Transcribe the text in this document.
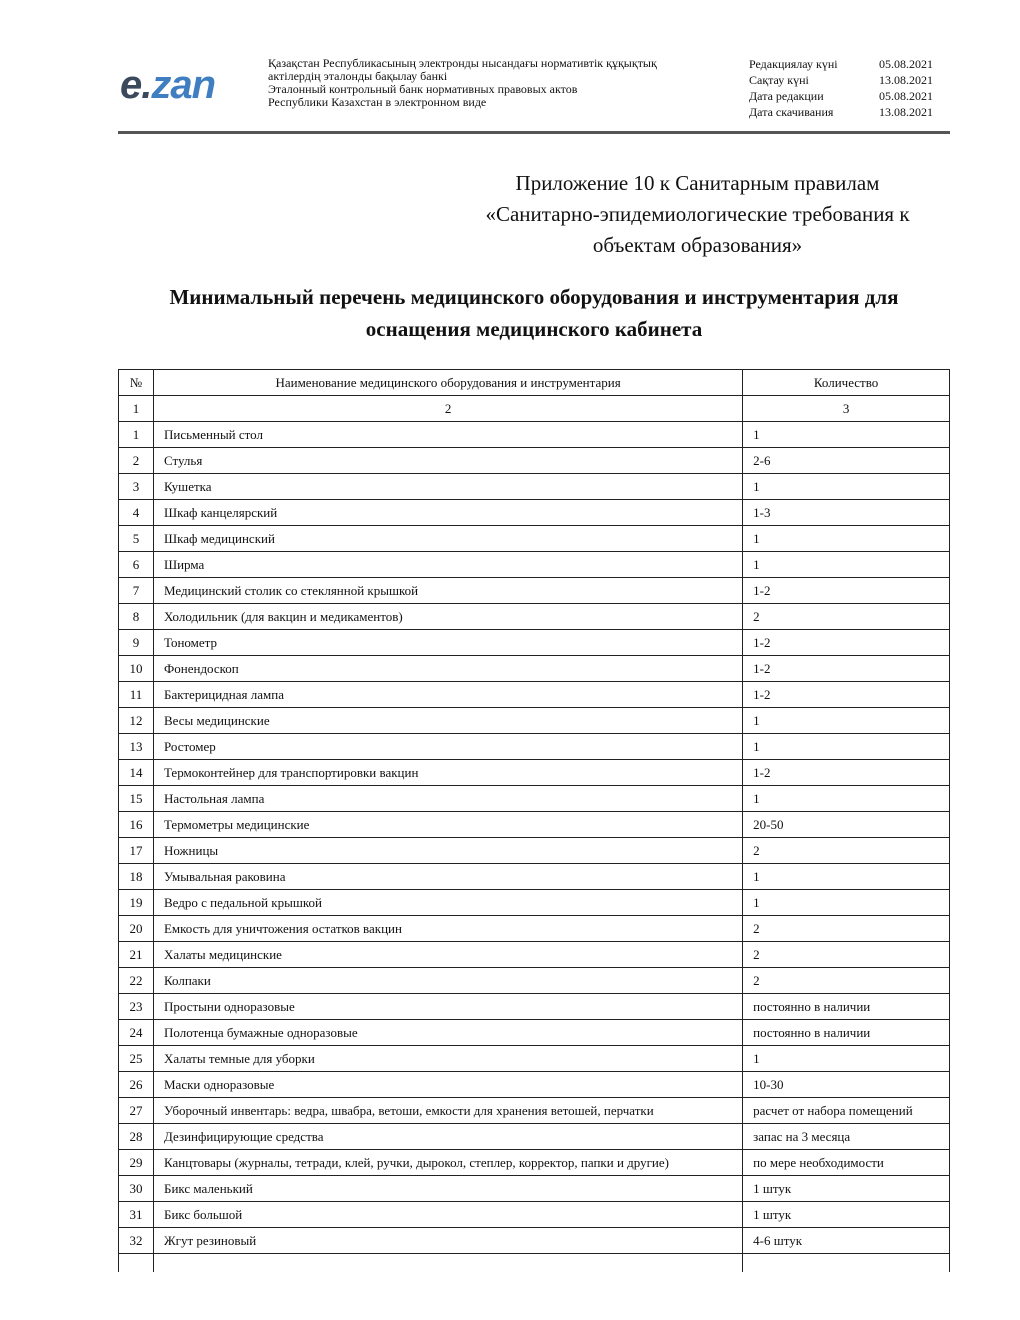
e.zan	Қазақстан Республикасының электронды нысандағы нормативтік құқықтық
актілердің эталонды бақылау банкі
Эталонный контрольный банк нормативных правовых актов
Республики Казахстан в электронном виде
Редакциялау күні	05.08.2021
Сақтау күні	13.08.2021
Дата редакции	05.08.2021
Дата скачивания	13.08.2021
Приложение 10 к Санитарным правилам
«Санитарно-эпидемиологические требования к
объектам образования»
Минимальный перечень медицинского оборудования и инструментария для
оснащения медицинского кабинета
№	Наименование медицинского оборудования и инструментария	Количество
1	2	3
1	Письменный стол	1
2	Стулья	2-6
3	Кушетка	1
4	Шкаф канцелярский	1-3
5	Шкаф медицинский	1
6	Ширма	1
7	Медицинский столик со стеклянной крышкой	1-2
8	Холодильник (для вакцин и медикаментов)	2
9	Тонометр	1-2
10	Фонендоскоп	1-2
11	Бактерицидная лампа	1-2
12	Весы медицинские	1
13	Ростомер	1
14	Термоконтейнер для транспортировки вакцин	1-2
15	Настольная лампа	1
16	Термометры медицинские	20-50
17	Ножницы	2
18	Умывальная раковина	1
19	Ведро с педальной крышкой	1
20	Емкость для уничтожения остатков вакцин	2
21	Халаты медицинские	2
22	Колпаки	2
23	Простыни одноразовые	постоянно в наличии
24	Полотенца бумажные одноразовые	постоянно в наличии
25	Халаты темные для уборки	1
26	Маски одноразовые	10-30
27	Уборочный инвентарь: ведра, швабра, ветоши, емкости для хранения ветошей, перчатки	расчет от набора помещений
28	Дезинфицирующие средства	запас на 3 месяца
29	Канцтовары (журналы, тетради, клей, ручки, дырокол, степлер, корректор, папки и другие)	по мере необходимости
30	Бикс маленький	1 штук
31	Бикс большой	1 штук
32	Жгут резиновый	4-6 штук
